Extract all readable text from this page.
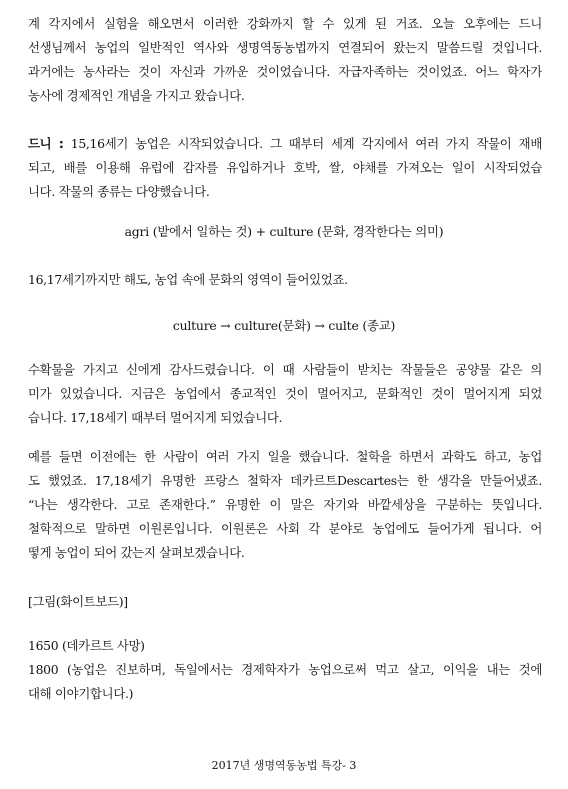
계 각지에서 실험을 해오면서 이러한 강화까지 할 수 있게 된 거죠. 오늘 오후에는 드니
선생님께서 농업의 일반적인 역사와 생명역동농법까지 연결되어 왔는지 말씀드릴 것입니다.
과거에는 농사라는 것이 자신과 가까운 것이었습니다. 자급자족하는 것이었죠. 어느 학자가
농사에 경제적인 개념을 가지고 왔습니다.
드니 : 15,16세기 농업은 시작되었습니다. 그 때부터 세계 각지에서 여러 가지 작물이 재배
되고, 배를 이용해 유럽에 감자를 유입하거나 호박, 쌀, 야채를 가져오는 일이 시작되었습
니다. 작물의 종류는 다양했습니다.
agri (밭에서 일하는 것) + culture (문화, 경작한다는 의미)
16,17세기까지만 해도, 농업 속에 문화의 영역이 들어있었죠.
culture → culture(문화) → culte (종교)
수확물을 가지고 신에게 감사드렸습니다. 이 때 사람들이 받치는 작물들은 공양물 같은 의
미가 있었습니다. 지금은 농업에서 종교적인 것이 멀어지고, 문화적인 것이 멀어지게 되었
습니다. 17,18세기 때부터 멀어지게 되었습니다.
예를 들면 이전에는 한 사람이 여러 가지 일을 했습니다. 철학을 하면서 과학도 하고, 농업
도 했었죠. 17,18세기 유명한 프랑스 철학자 데카르트Descartes는 한 생각을 만들어냈죠.
“나는 생각한다. 고로 존재한다.” 유명한 이 말은 자기와 바깥세상을 구분하는 뜻입니다.
철학적으로 말하면 이원론입니다. 이원론은 사회 각 분야로 농업에도 들어가게 됩니다. 어
떻게 농업이 되어 갔는지 살펴보겠습니다.
[그림(화이트보드)]
1650 (데카르트 사망)
1800 (농업은 진보하며, 독일에서는 경제학자가 농업으로써 먹고 살고, 이익을 내는 것에
대해 이야기합니다.)
2017년 생명역동농법 특강- 3
